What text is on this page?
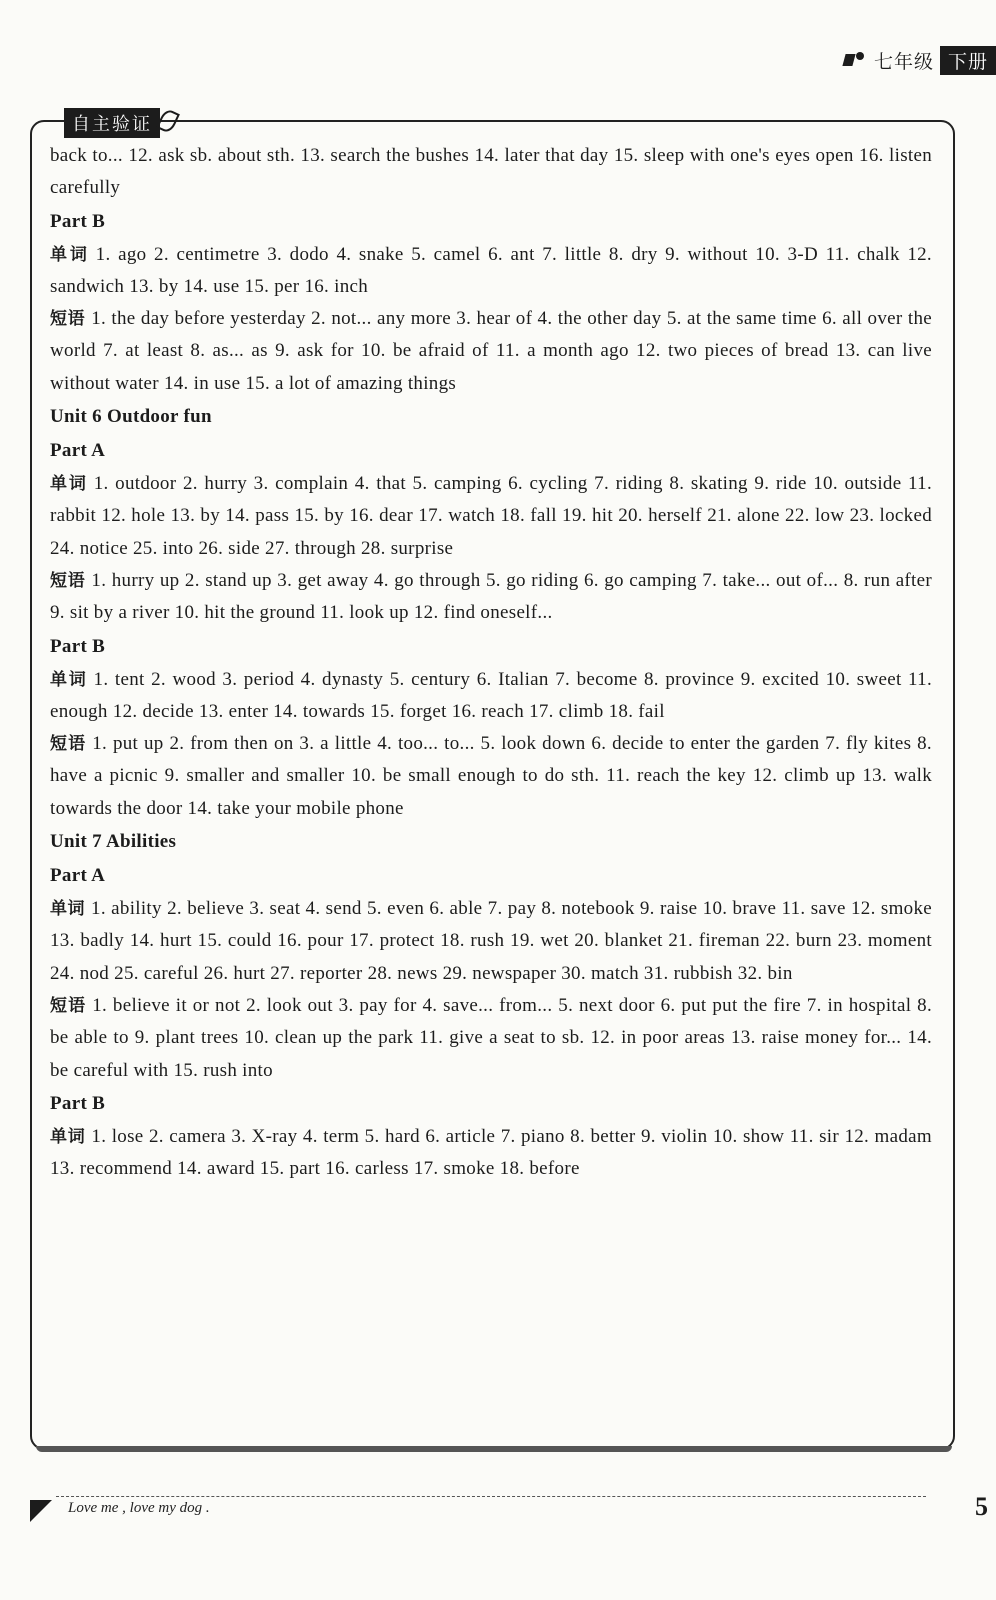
七年级 下册
自主验证

back to... 12. ask sb. about sth. 13. search the bushes 14. later that day 15. sleep with one's eyes open 16. listen carefully

Part B

单词 1. ago 2. centimetre 3. dodo 4. snake 5. camel 6. ant 7. little 8. dry 9. without 10. 3-D 11. chalk 12. sandwich 13. by 14. use 15. per 16. inch

短语 1. the day before yesterday 2. not... any more 3. hear of 4. the other day 5. at the same time 6. all over the world 7. at least 8. as... as 9. ask for 10. be afraid of 11. a month ago 12. two pieces of bread 13. can live without water 14. in use 15. a lot of amazing things

Unit 6 Outdoor fun

Part A

单词 1. outdoor 2. hurry 3. complain 4. that 5. camping 6. cycling 7. riding 8. skating 9. ride 10. outside 11. rabbit 12. hole 13. by 14. pass 15. by 16. dear 17. watch 18. fall 19. hit 20. herself 21. alone 22. low 23. locked 24. notice 25. into 26. side 27. through 28. surprise

短语 1. hurry up 2. stand up 3. get away 4. go through 5. go riding 6. go camping 7. take... out of... 8. run after 9. sit by a river 10. hit the ground 11. look up 12. find oneself...

Part B

单词 1. tent 2. wood 3. period 4. dynasty 5. century 6. Italian 7. become 8. province 9. excited 10. sweet 11. enough 12. decide 13. enter 14. towards 15. forget 16. reach 17. climb 18. fail

短语 1. put up 2. from then on 3. a little 4. too... to... 5. look down 6. decide to enter the garden 7. fly kites 8. have a picnic 9. smaller and smaller 10. be small enough to do sth. 11. reach the key 12. climb up 13. walk towards the door 14. take your mobile phone

Unit 7 Abilities

Part A

单词 1. ability 2. believe 3. seat 4. send 5. even 6. able 7. pay 8. notebook 9. raise 10. brave 11. save 12. smoke 13. badly 14. hurt 15. could 16. pour 17. protect 18. rush 19. wet 20. blanket 21. fireman 22. burn 23. moment 24. nod 25. careful 26. hurt 27. reporter 28. news 29. newspaper 30. match 31. rubbish 32. bin

短语 1. believe it or not 2. look out 3. pay for 4. save... from... 5. next door 6. put put the fire 7. in hospital 8. be able to 9. plant trees 10. clean up the park 11. give a seat to sb. 12. in poor areas 13. raise money for... 14. be careful with 15. rush into

Part B

单词 1. lose 2. camera 3. X-ray 4. term 5. hard 6. article 7. piano 8. better 9. violin 10. show 11. sir 12. madam 13. recommend 14. award 15. part 16. carless 17. smoke 18. before

Love me , love my dog .	5
